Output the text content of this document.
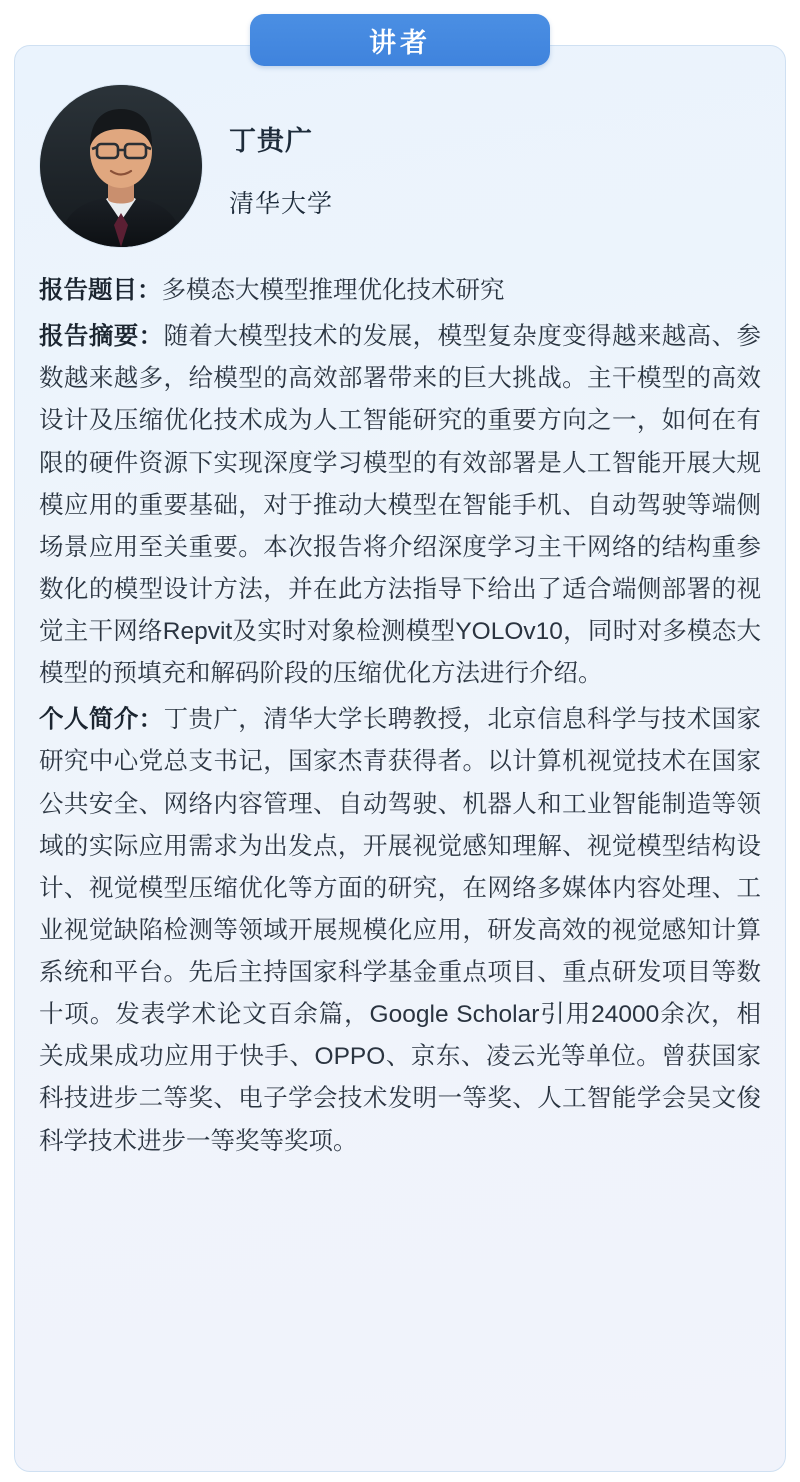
讲者
丁贵广
清华大学

报告题目：多模态大模型推理优化技术研究

报告摘要：随着大模型技术的发展，模型复杂度变得越来越高、参数越来越多，给模型的高效部署带来的巨大挑战。主干模型的高效设计及压缩优化技术成为人工智能研究的重要方向之一，如何在有限的硬件资源下实现深度学习模型的有效部署是人工智能开展大规模应用的重要基础，对于推动大模型在智能手机、自动驾驶等端侧场景应用至关重要。本次报告将介绍深度学习主干网络的结构重参数化的模型设计方法，并在此方法指导下给出了适合端侧部署的视觉主干网络Repvit及实时对象检测模型YOLOv10，同时对多模态大模型的预填充和解码阶段的压缩优化方法进行介绍。

个人简介：丁贵广，清华大学长聘教授，北京信息科学与技术国家研究中心党总支书记，国家杰青获得者。以计算机视觉技术在国家公共安全、网络内容管理、自动驾驶、机器人和工业智能制造等领域的实际应用需求为出发点，开展视觉感知理解、视觉模型结构设计、视觉模型压缩优化等方面的研究，在网络多媒体内容处理、工业视觉缺陷检测等领域开展规模化应用，研发高效的视觉感知计算系统和平台。先后主持国家科学基金重点项目、重点研发项目等数十项。发表学术论文百余篇，Google Scholar引用24000余次，相关成果成功应用于快手、OPPO、京东、凌云光等单位。曾获国家科技进步二等奖、电子学会技术发明一等奖、人工智能学会吴文俊科学技术进步一等奖等奖项。
